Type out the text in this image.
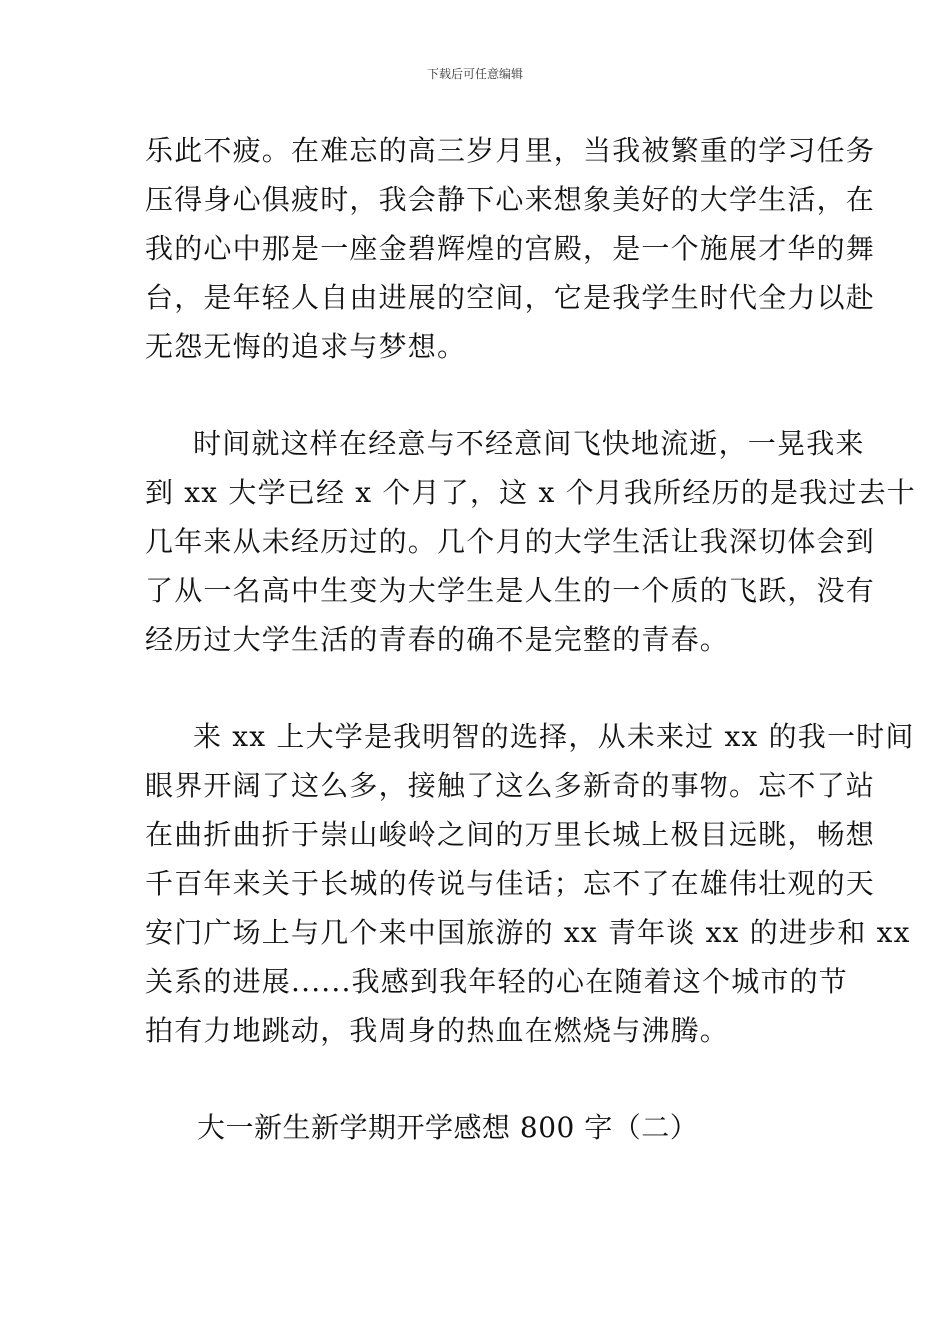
下载后可任意编辑
乐此不疲。在难忘的高三岁月里，当我被繁重的学习任务
压得身心俱疲时，我会静下心来想象美好的大学生活，在
我的心中那是一座金碧辉煌的宫殿，是一个施展才华的舞
台，是年轻人自由进展的空间，它是我学生时代全力以赴
无怨无悔的追求与梦想。
时间就这样在经意与不经意间飞快地流逝，一晃我来
到 xx 大学已经 x 个月了，这 x 个月我所经历的是我过去十
几年来从未经历过的。几个月的大学生活让我深切体会到
了从一名高中生变为大学生是人生的一个质的飞跃，没有
经历过大学生活的青春的确不是完整的青春。
来 xx 上大学是我明智的选择，从未来过 xx 的我一时间
眼界开阔了这么多，接触了这么多新奇的事物。忘不了站
在曲折曲折于崇山峻岭之间的万里长城上极目远眺，畅想
千百年来关于长城的传说与佳话；忘不了在雄伟壮观的天
安门广场上与几个来中国旅游的 xx 青年谈 xx 的进步和 xx
关系的进展......我感到我年轻的心在随着这个城市的节
拍有力地跳动，我周身的热血在燃烧与沸腾。
大一新生新学期开学感想 800 字（二）
